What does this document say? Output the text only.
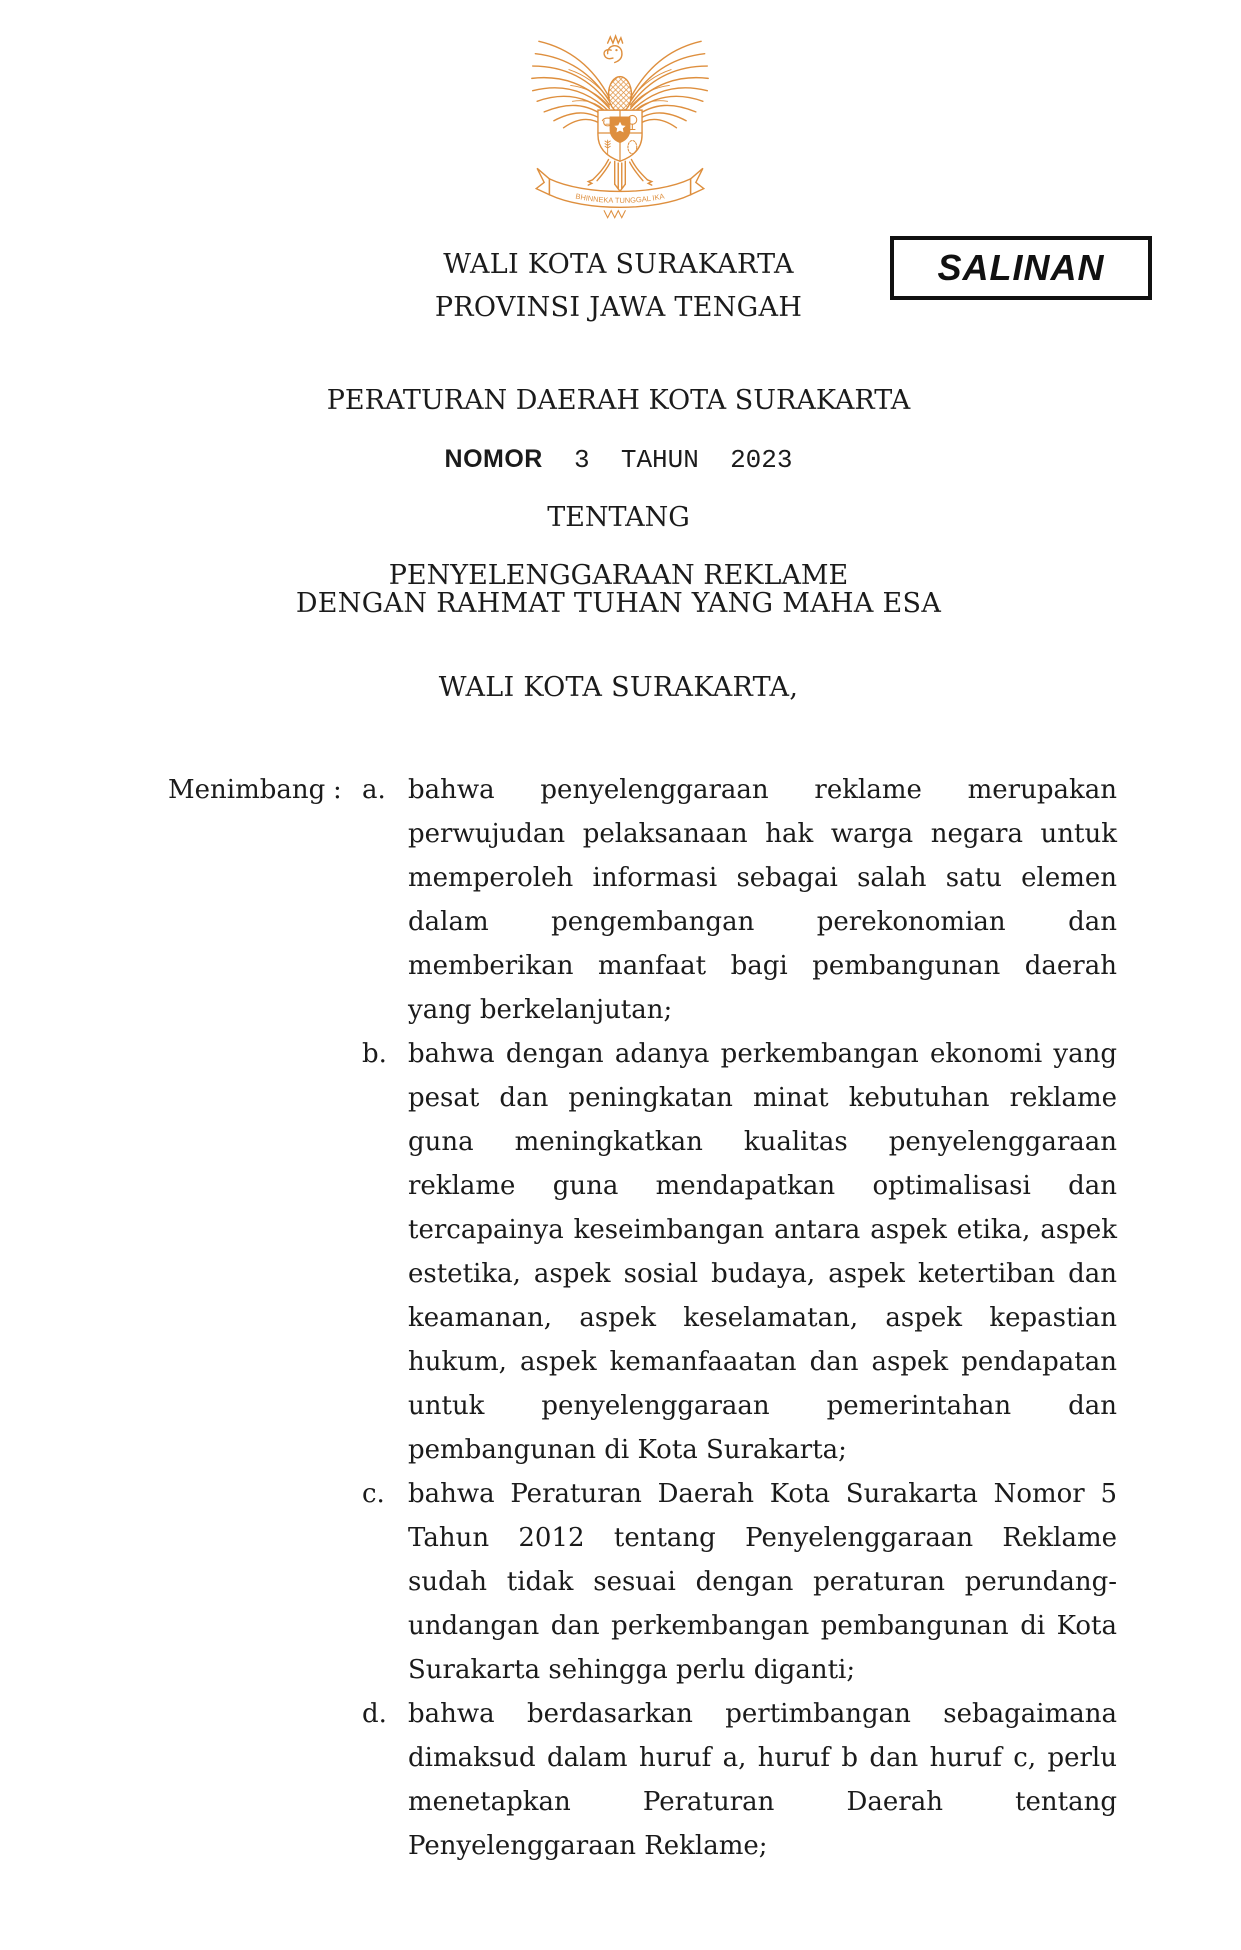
BHINNEKA TUNGGAL IKA
WALI KOTA SURAKARTA
PROVINSI JAWA TENGAH
SALINAN
PERATURAN DAERAH KOTA SURAKARTA
NOMOR  3  TAHUN  2023
TENTANG
PENYELENGGARAAN REKLAME
DENGAN RAHMAT TUHAN YANG MAHA ESA
WALI KOTA SURAKARTA,
Menimbang : a. bahwa penyelenggaraan reklame merupakan perwujudan pelaksanaan hak warga negara untuk memperoleh informasi sebagai salah satu elemen dalam pengembangan perekonomian dan memberikan manfaat bagi pembangunan daerah yang berkelanjutan;
b. bahwa dengan adanya perkembangan ekonomi yang pesat dan peningkatan minat kebutuhan reklame guna meningkatkan kualitas penyelenggaraan reklame guna mendapatkan optimalisasi dan tercapainya keseimbangan antara aspek etika, aspek estetika, aspek sosial budaya, aspek ketertiban dan keamanan, aspek keselamatan, aspek kepastian hukum, aspek kemanfaaatan dan aspek pendapatan untuk penyelenggaraan pemerintahan dan pembangunan di Kota Surakarta;
c. bahwa Peraturan Daerah Kota Surakarta Nomor 5 Tahun 2012 tentang Penyelenggaraan Reklame sudah tidak sesuai dengan peraturan perundang-undangan dan perkembangan pembangunan di Kota Surakarta sehingga perlu diganti;
d. bahwa berdasarkan pertimbangan sebagaimana dimaksud dalam huruf a, huruf b dan huruf c, perlu menetapkan Peraturan Daerah tentang Penyelenggaraan Reklame;
